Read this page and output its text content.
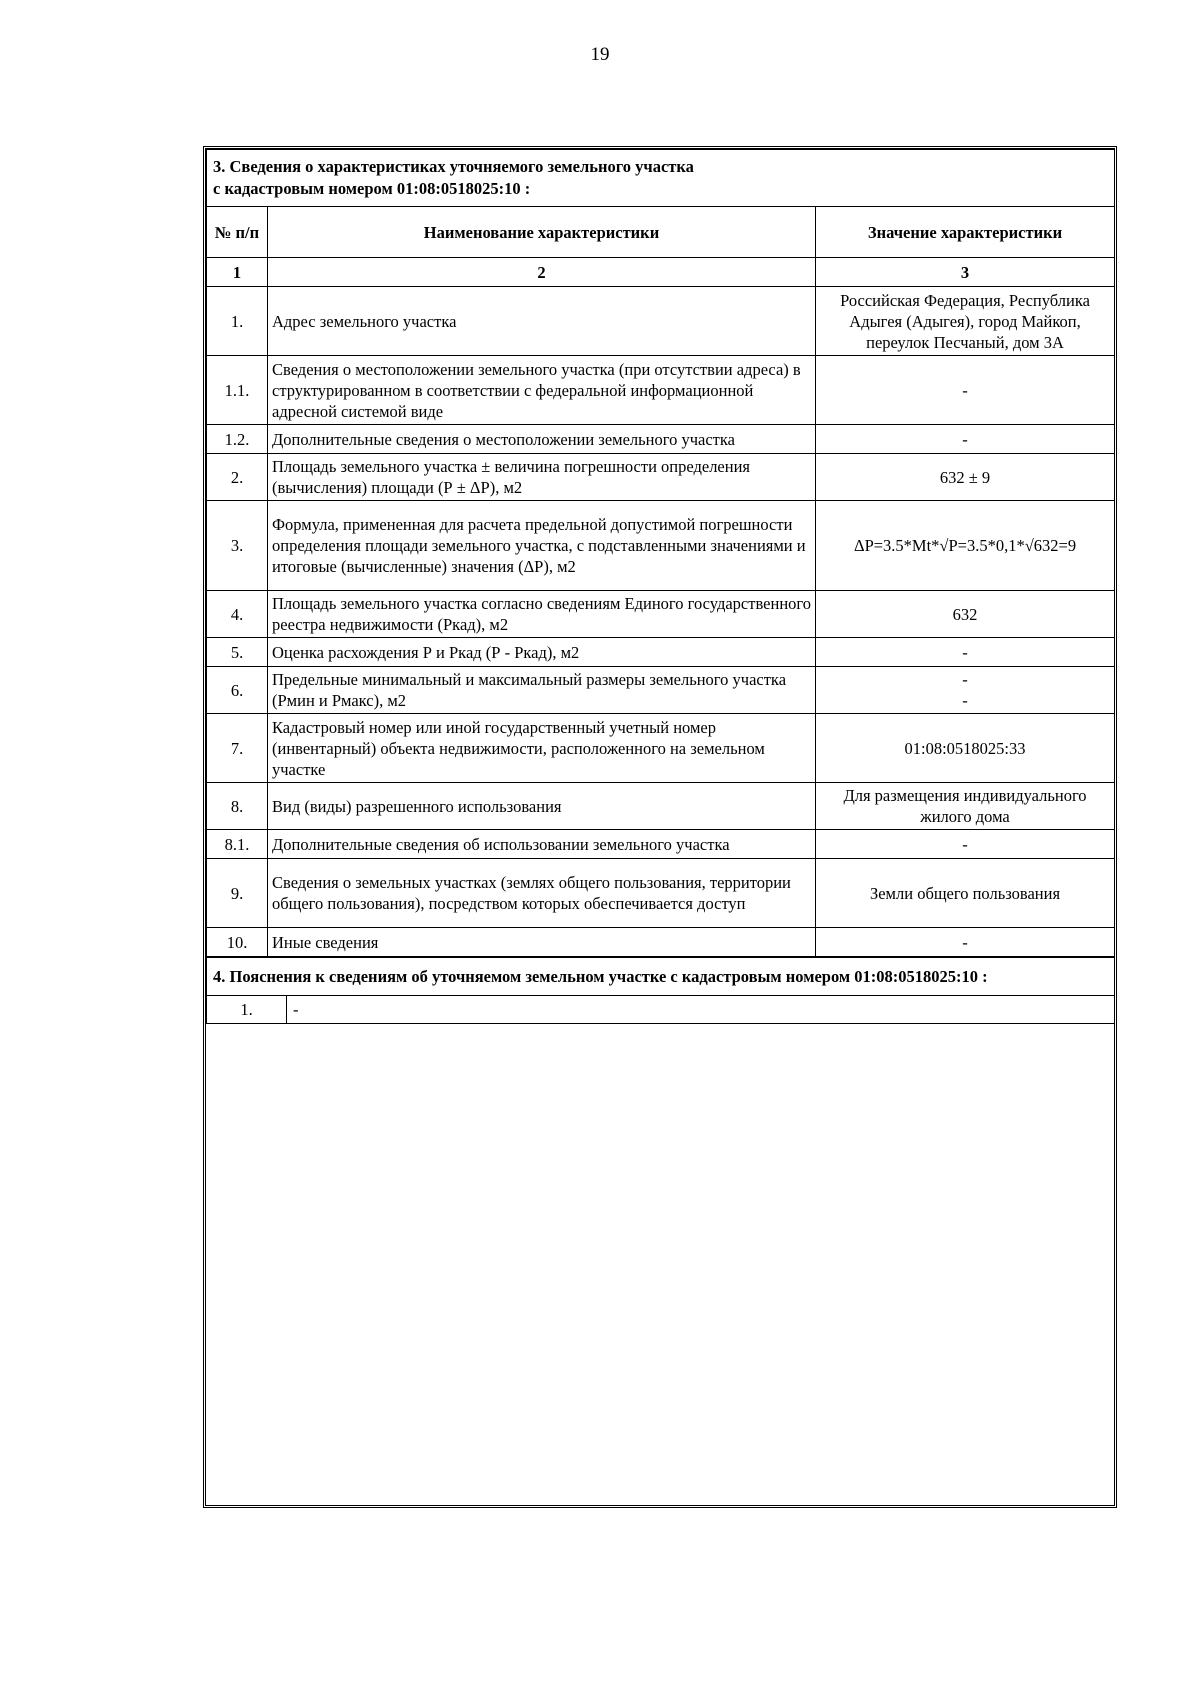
19
3. Сведения о характеристиках уточняемого земельного участка
с кадастровым номером 01:08:0518025:10 :		

№ п/п	Наименование характеристики	Значение характеристики
1	2	3
1.	Адрес земельного участка	Российская Федерация, Республика Адыгея (Адыгея), город Майкоп, переулок Песчаный, дом 3А
1.1.	Сведения о местоположении земельного участка (при отсутствии адреса) в структурированном в соответствии с федеральной информационной адресной системой виде	-
1.2.	Дополнительные сведения о местоположении земельного участка	-
2.	Площадь земельного участка ± величина погрешности определения (вычисления) площади (Р ± ΔР), м2	632 ± 9
3.	Формула, примененная для расчета предельной допустимой погрешности определения площади земельного участка, с подставленными значениями и итоговые (вычисленные) значения (ΔР), м2	ΔР=3.5*Mt*√Р=3.5*0,1*√632=9
4.	Площадь земельного участка согласно сведениям Единого государственного реестра недвижимости (Ркад), м2	632
5.	Оценка расхождения Р и Ркад (Р - Ркад), м2	-
6.	Предельные минимальный и максимальный размеры земельного участка (Рмин и Рмакс), м2	-
-

7.	Кадастровый номер или иной государственный учетный номер (инвентарный) объекта недвижимости, расположенного на земельном участке	01:08:0518025:33
8.	Вид (виды) разрешенного использования	Для размещения индивидуального жилого дома
8.1.	Дополнительные сведения об использовании земельного участка	-
9.	Сведения о земельных участках (землях общего пользования, территории общего пользования), посредством которых обеспечивается доступ	Земли общего пользования
10.	Иные сведения	-
4. Пояснения к сведениям об уточняемом земельном участке с кадастровым номером 01:08:0518025:10 :
1.	-
